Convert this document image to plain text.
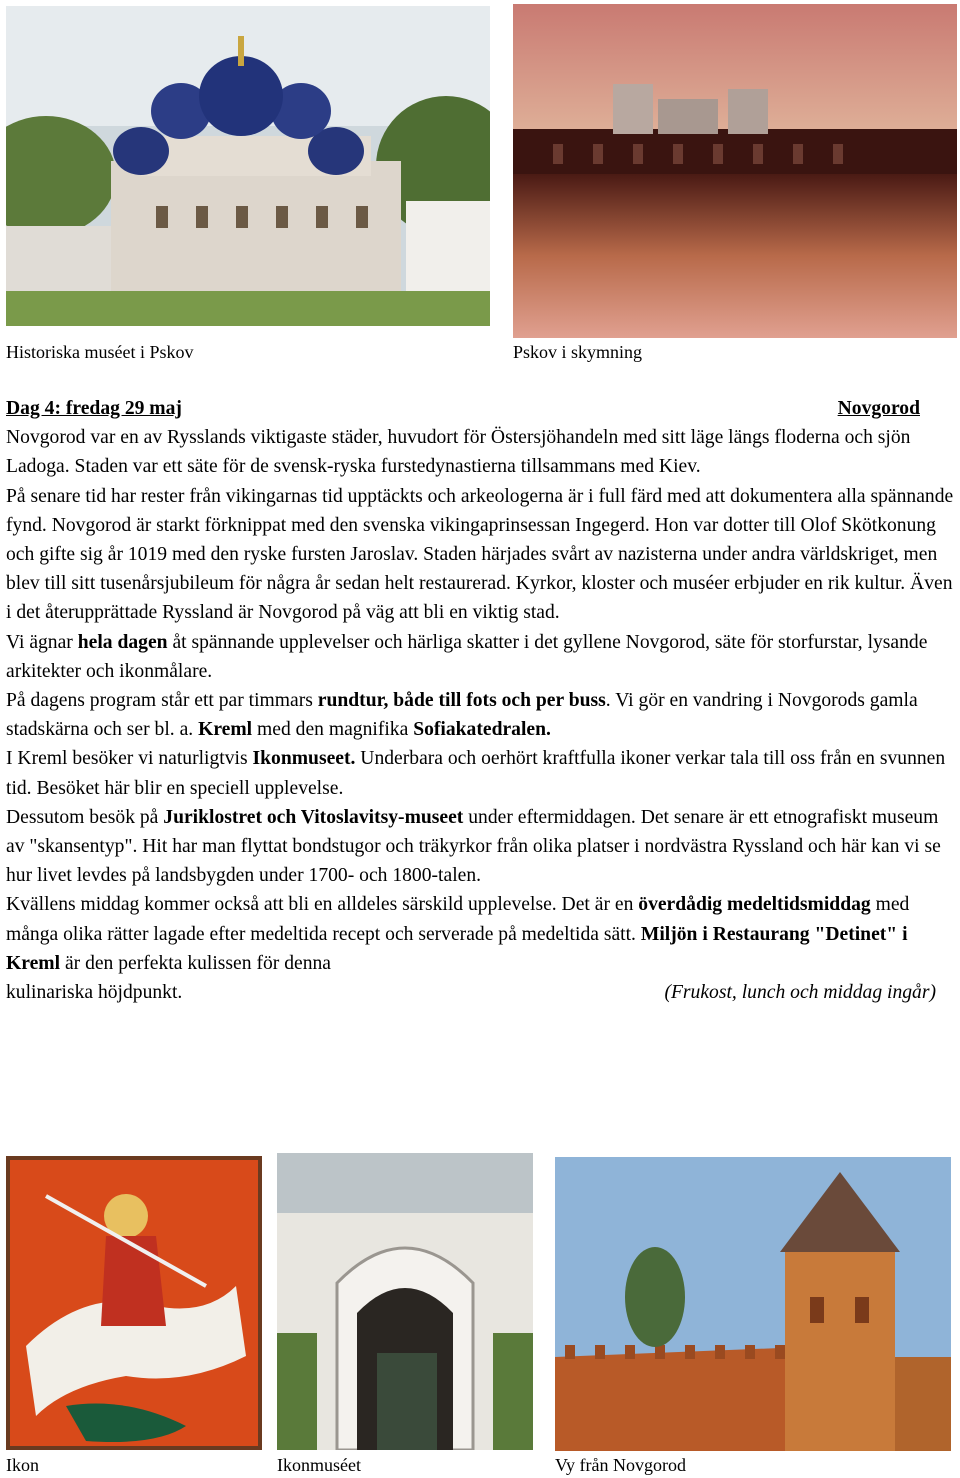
Historiska muséet i Pskov	Pskov i skymning
Dag 4: fredag 29 maj	Novgorod

Novgorod var en av Rysslands viktigaste städer, huvudort för Östersjöhandeln med sitt läge längs floderna och sjön Ladoga. Staden var ett säte för de svensk-ryska furstedynastierna tillsammans med Kiev.

På senare tid har rester från vikingarnas tid upptäckts och arkeologerna är i full färd med att dokumentera alla spännande fynd. Novgorod är starkt förknippat med den svenska vikingaprinsessan Ingegerd. Hon var dotter till Olof Skötkonung och gifte sig år 1019 med den ryske fursten Jaroslav. Staden härjades svårt av nazisterna under andra världskriget, men blev till sitt tusenårsjubileum för några år sedan helt restaurerad. Kyrkor, kloster och muséer erbjuder en rik kultur. Även i det återupprättade Ryssland är Novgorod på väg att bli en viktig stad.

Vi ägnar hela dagen åt spännande upplevelser och härliga skatter i det gyllene Novgorod, säte för storfurstar, lysande arkitekter och ikonmålare.

På dagens program står ett par timmars rundtur, både till fots och per buss. Vi gör en vandring i Novgorods gamla stadskärna och ser bl. a. Kreml med den magnifika Sofiakatedralen.

I Kreml besöker vi naturligtvis Ikonmuseet. Underbara och oerhört kraftfulla ikoner verkar tala till oss från en svunnen tid. Besöket här blir en speciell upplevelse.

Dessutom besök på Juriklostret och Vitoslavitsy-museet under eftermiddagen. Det senare är ett etnografiskt museum av "skansentyp". Hit har man flyttat bondstugor och träkyrkor från olika platser i nordvästra Ryssland och här kan vi se hur livet levdes på landsbygden under 1700- och 1800-talen.

Kvällens middag kommer också att bli en alldeles särskild upplevelse. Det är en överdådig medeltidsmiddag med många olika rätter lagade efter medeltida recept och serverade på medeltida sätt. Miljön i Restaurang "Detinet" i Kreml är den perfekta kulissen för denna

kulinariska höjdpunkt.	(Frukost, lunch och middag ingår)
Ikon	Ikonmuséet	Vy från Novgorod
